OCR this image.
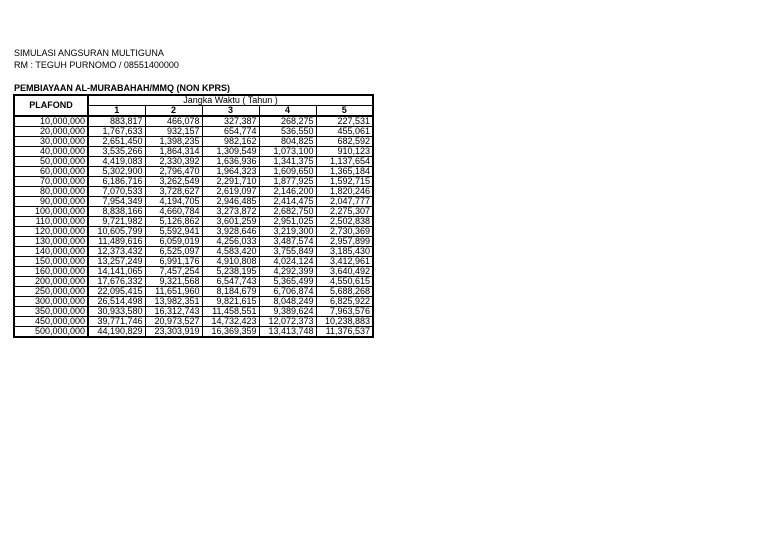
SIMULASI ANGSURAN MULTIGUNA
RM : TEGUH PURNOMO / 08551400000
PEMBIAYAAN AL-MURABAHAH/MMQ (NON KPRS)
PLAFOND	Jangka Waktu ( Tahun )				
	1	2	3	4	5
10,000,000	883,817	466,078	327,387	268,275	227,531
20,000,000	1,767,633	932,157	654,774	536,550	455,061
30,000,000	2,651,450	1,398,235	982,162	804,825	682,592
40,000,000	3,535,266	1,864,314	1,309,549	1,073,100	910,123
50,000,000	4,419,083	2,330,392	1,636,936	1,341,375	1,137,654
60,000,000	5,302,900	2,796,470	1,964,323	1,609,650	1,365,184
70,000,000	6,186,716	3,262,549	2,291,710	1,877,925	1,592,715
80,000,000	7,070,533	3,728,627	2,619,097	2,146,200	1,820,246
90,000,000	7,954,349	4,194,705	2,946,485	2,414,475	2,047,777
100,000,000	8,838,166	4,660,784	3,273,872	2,682,750	2,275,307
110,000,000	9,721,982	5,126,862	3,601,259	2,951,025	2,502,838
120,000,000	10,605,799	5,592,941	3,928,646	3,219,300	2,730,369
130,000,000	11,489,616	6,059,019	4,256,033	3,487,574	2,957,899
140,000,000	12,373,432	6,525,097	4,583,420	3,755,849	3,185,430
150,000,000	13,257,249	6,991,176	4,910,808	4,024,124	3,412,961
160,000,000	14,141,065	7,457,254	5,238,195	4,292,399	3,640,492
200,000,000	17,676,332	9,321,568	6,547,743	5,365,499	4,550,615
250,000,000	22,095,415	11,651,960	8,184,679	6,706,874	5,688,268
300,000,000	26,514,498	13,982,351	9,821,615	8,048,249	6,825,922
350,000,000	30,933,580	16,312,743	11,458,551	9,389,624	7,963,576
450,000,000	39,771,746	20,973,527	14,732,423	12,072,373	10,238,883
500,000,000	44,190,829	23,303,919	16,369,359	13,413,748	11,376,537
